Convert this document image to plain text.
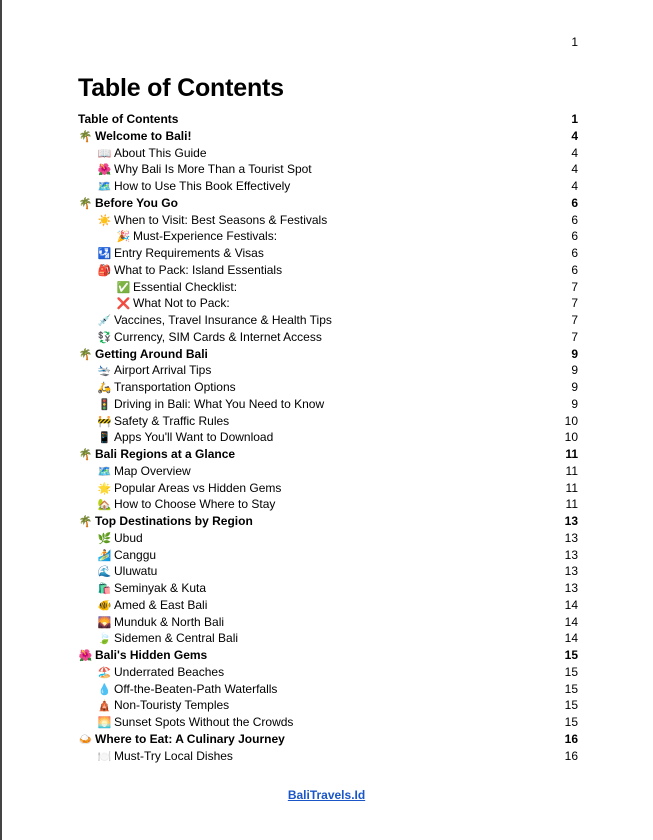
1
Table of Contents
Table of Contents	1
🌴 Welcome to Bali!	4
📖 About This Guide	4
🌺 Why Bali Is More Than a Tourist Spot	4
🗺️ How to Use This Book Effectively	4
🌴 Before You Go	6
☀️ When to Visit: Best Seasons & Festivals	6
🎉 Must-Experience Festivals:	6
🛂 Entry Requirements & Visas	6
🎒 What to Pack: Island Essentials	6
✅ Essential Checklist:	7
❌ What Not to Pack:	7
💉 Vaccines, Travel Insurance & Health Tips	7
💱 Currency, SIM Cards & Internet Access	7
🌴 Getting Around Bali	9
🛬 Airport Arrival Tips	9
🛵 Transportation Options	9
🚦 Driving in Bali: What You Need to Know	9
🚧 Safety & Traffic Rules	10
📱 Apps You'll Want to Download	10
🌴 Bali Regions at a Glance	11
🗺️ Map Overview	11
🌟 Popular Areas vs Hidden Gems	11
🏡 How to Choose Where to Stay	11
🌴 Top Destinations by Region	13
🌿 Ubud	13
🏄 Canggu	13
🌊 Uluwatu	13
🛍️ Seminyak & Kuta	13
🐠 Amed & East Bali	14
🌄 Munduk & North Bali	14
🍃 Sidemen & Central Bali	14
🌺 Bali's Hidden Gems	15
🏖️ Underrated Beaches	15
💧 Off-the-Beaten-Path Waterfalls	15
🛕 Non-Touristy Temples	15
🌅 Sunset Spots Without the Crowds	15
🍛 Where to Eat: A Culinary Journey	16
🍽️ Must-Try Local Dishes	16
BaliTravels.Id
